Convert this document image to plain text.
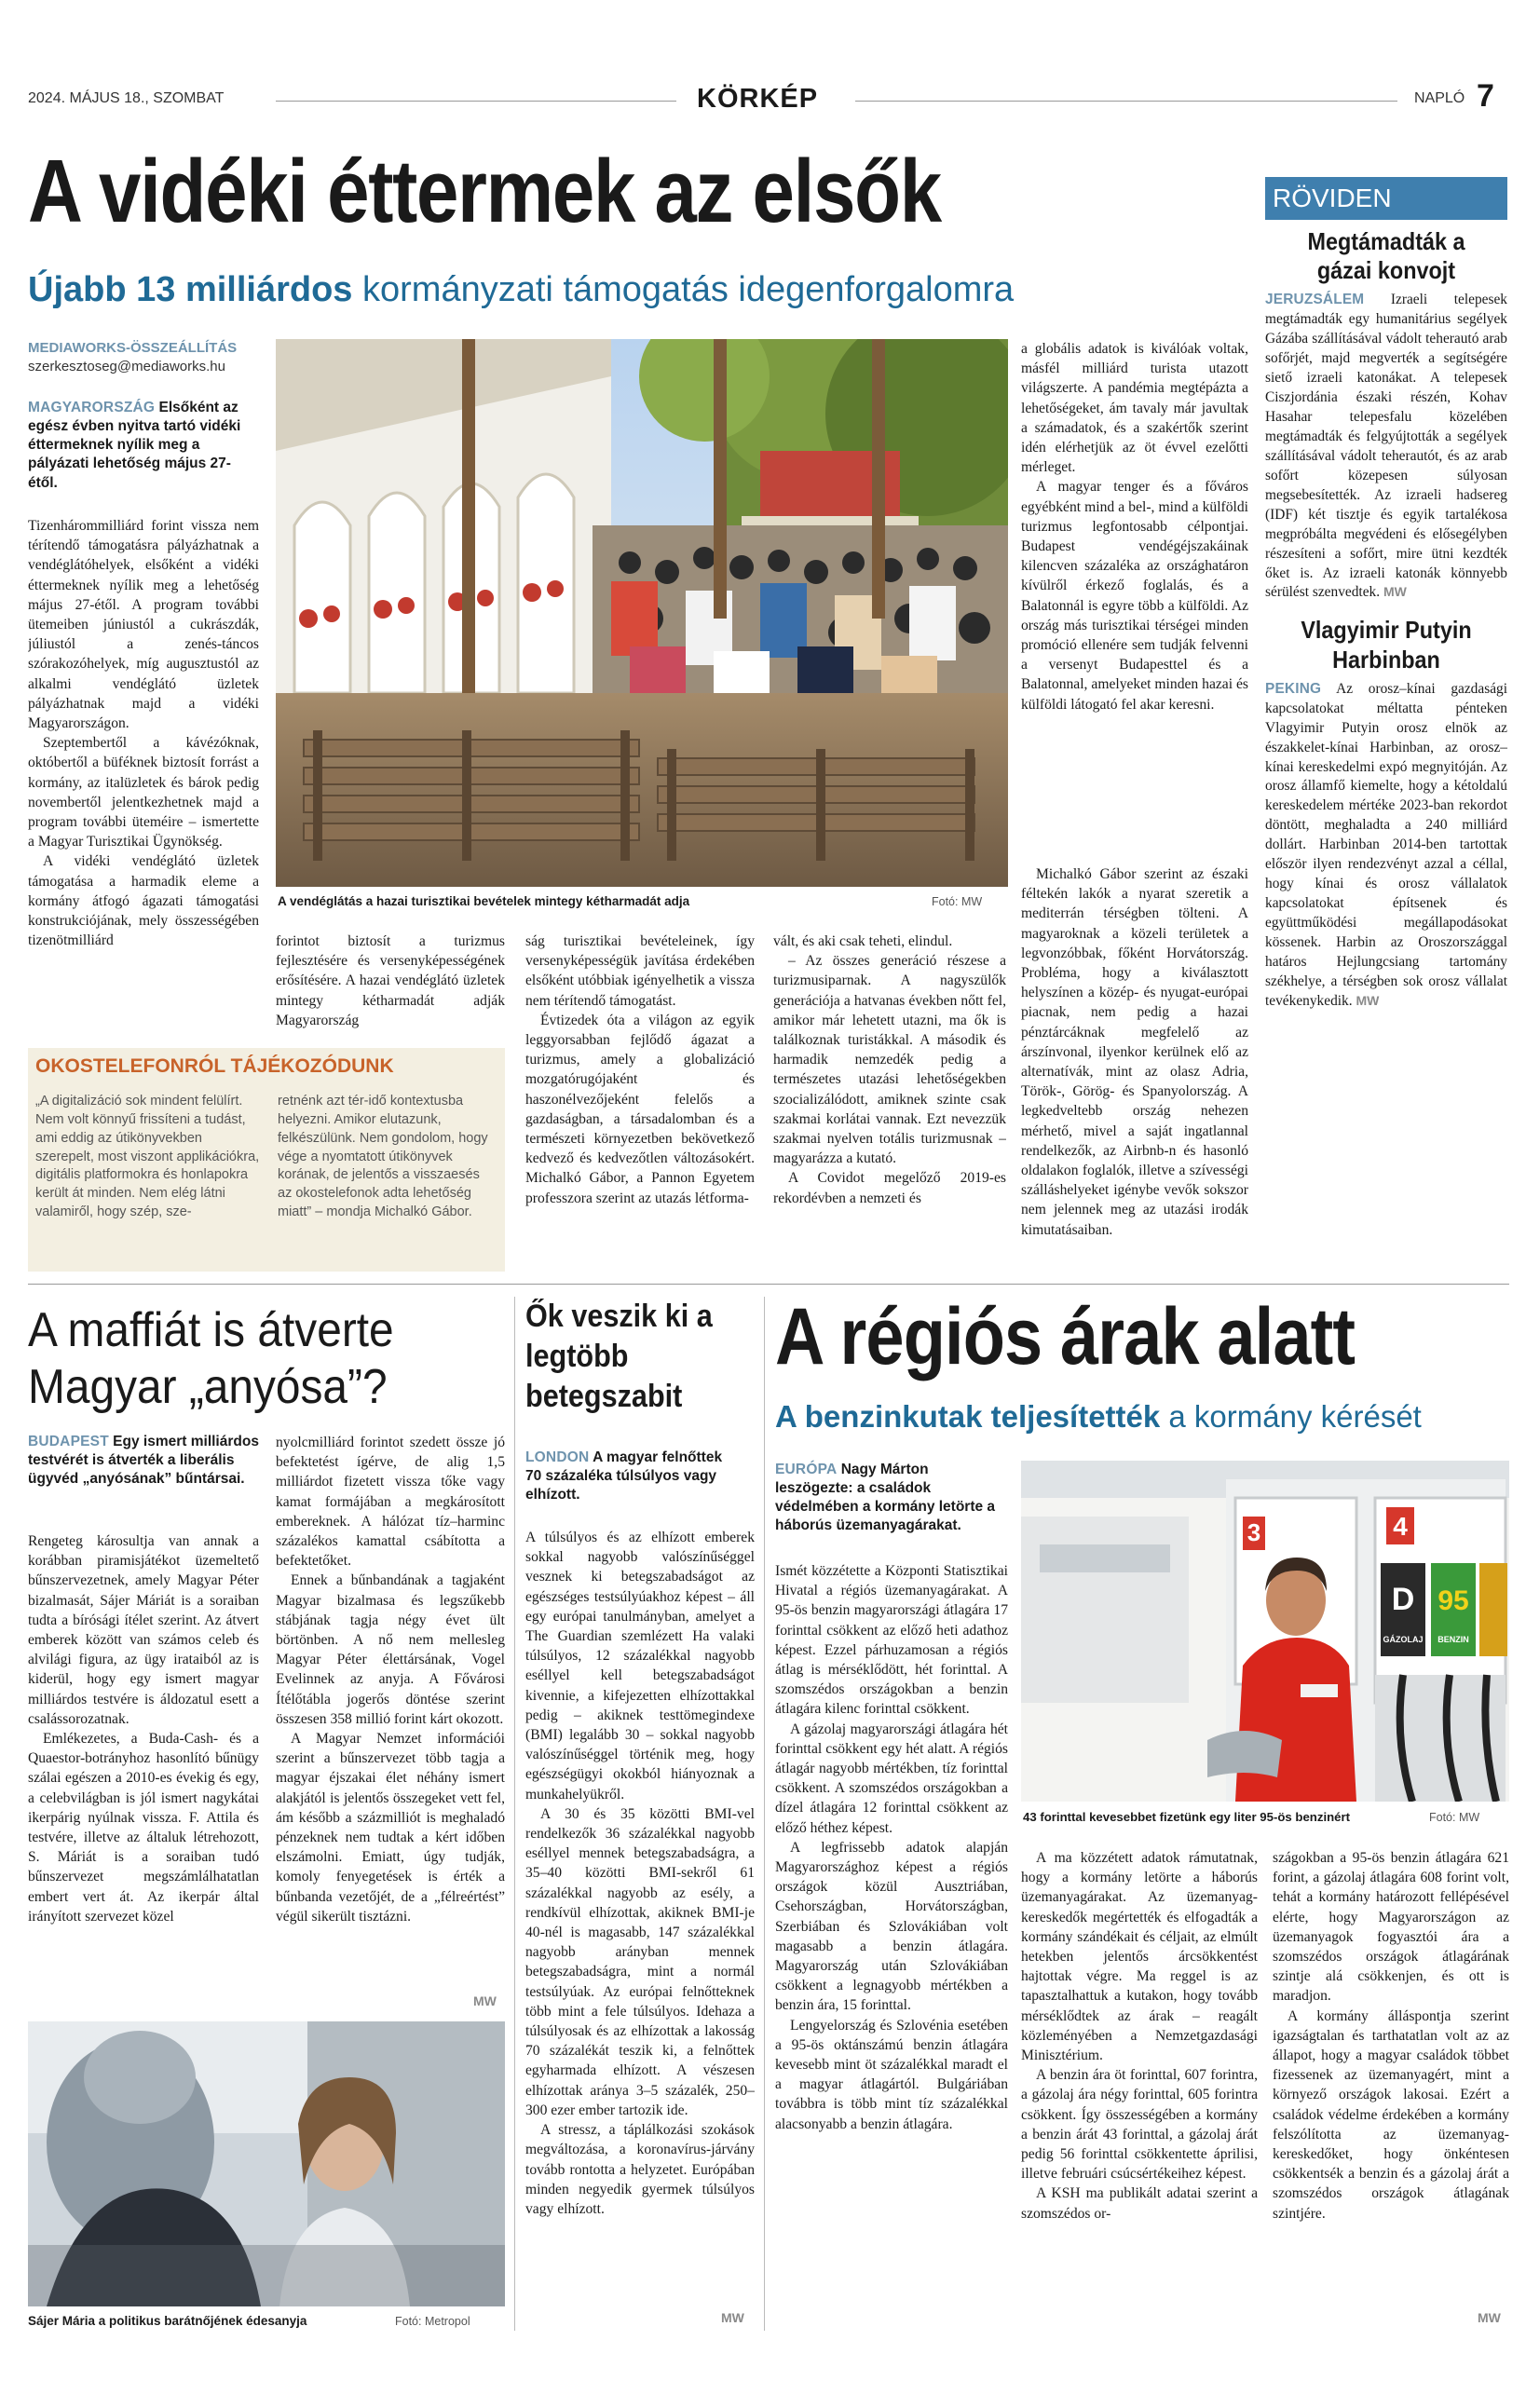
2024. MÁJUS 18., SZOMBAT	KÖRKÉP	NAPLÓ 7
A vidéki éttermek az elsők
Újabb 13 milliárdos kormányzati támogatás idegenforgalomra
MEDIAWORKS-ÖSSZEÁLLÍTÁS
szerkesztoseg@mediaworks.hu
MAGYARORSZÁG Elsőként az egész évben nyitva tartó vidéki éttermeknek nyílik meg a pályázati lehetőség május 27-étől.

Tizenhárommilliárd forint vissza nem térítendő támogatásra pályázhatnak a vendéglátóhelyek, elsőként a vidéki éttermeknek nyílik meg a lehetőség május 27-étől. A program további ütemeiben júniustól a cukrászdák, júliustól a zenés-táncos szórakozóhelyek, míg augusztustól az alkalmi vendéglátó üzletek pályázhatnak majd a vidéki Magyarországon.

Szeptembertől a kávézóknak, októbertől a büféknek biztosít forrást a kormány, az italüzletek és bárok pedig novembertől jelentkezhetnek majd a program további üteméire – ismertette a Magyar Turisztikai Ügynökség.

A vidéki vendéglátó üzletek támogatása a harmadik eleme a kormány átfogó ágazati támogatási konstrukciójának, mely összességében tizenötmilliárd

A vendéglátás a hazai turisztikai bevételek mintegy kétharmadát adja	Fotó: MW

forintot biztosít a turizmus fejlesztésére és versenyképességének erősítésére. A hazai vendéglátó üzletek mintegy kétharmadát adják Magyarország

ság turisztikai bevételeinek, így versenyképességük javítása érdekében elsőként utóbbiak igényelhetik a vissza nem térítendő támogatást.

Évtizedek óta a világon az egyik leggyorsabban fejlődő ágazat a turizmus, amely a globalizáció mozgatórugójaként és haszonélvezőjeként felelős a gazdaságban, a társadalomban és a természeti környezetben bekövetkező kedvező és kedvezőtlen változásokért. Michalkó Gábor, a Pannon Egyetem professzora szerint az utazás létforma-

vált, és aki csak teheti, elindul.

– Az összes generáció részese a turizmusiparnak. A nagyszülők generációja a hatvanas években nőtt fel, amikor már lehetett utazni, ma ők is találkoznak turistákkal. A második és harmadik nemzedék pedig a természetes utazási lehetőségekben szocializálódott, amiknek szinte csak szakmai korlátai vannak. Ezt nevezzük szakmai nyelven totális turizmusnak – magyarázza a kutató.

A Covidot megelőző 2019-es rekordévben a nemzeti és

a globális adatok is kiválóak voltak, másfél milliárd turista utazott világszerte. A pandémia megtépázta a lehetőségeket, ám tavaly már javultak a számadatok, és a szakértők szerint idén elérhetjük az öt évvel ezelőtti mérleget.

A magyar tenger és a főváros egyébként mind a bel-, mind a külföldi turizmus legfontosabb célpontjai. Budapest vendégéjszakáinak kilencven százaléka az országhatáron kívülről érkező foglalás, és a Balatonnál is egyre több a külföldi. Az ország más turisztikai térségei minden promóció ellenére sem tudják felvenni a versenyt Budapesttel és a Balatonnal, amelyeket minden hazai és külföldi látogató fel akar keresni.

Michalkó Gábor szerint az északi féltekén lakók a nyarat szeretik a mediterrán térségben tölteni. A magyaroknak a közeli területek a legvonzóbbak, főként Horvátország. Probléma, hogy a kiválasztott helyszínen a közép- és nyugat-európai piacnak, nem pedig a hazai pénztárcáknak megfelelő az árszínvonal, ilyenkor kerülnek elő az alternatívák, mint az olasz Adria, Török-, Görög- és Spanyolország. A legkedveltebb ország nehezen mérhető, mivel a saját ingatlannal rendelkezők, az Airbnb-n és hasonló oldalakon foglalók, illetve a szívességi szálláshelyeket igénybe vevők sokszor nem jelennek meg az utazási irodák kimutatásaiban.

OKOSTELEFONRÓL TÁJÉKOZÓDUNK
„A digitalizáció sok mindent felülírt. Nem volt könnyű frissíteni a tudást, ami eddig az útikönyvekben szerepelt, most viszont applikációkra, digitális platformokra és honlapokra került át minden. Nem elég látni valamiről, hogy szép, sze-
retnénk azt tér-idő kontextusba helyezni. Amikor elutazunk, felkészülünk. Nem gondolom, hogy vége a nyomtatott útikönyvek korának, de jelentős a visszaesés az okostelefonok adta lehetőség miatt” – mondja Michalkó Gábor.
RÖVIDEN
Megtámadták a gázai konvojt
JERUZSÁLEM Izraeli telepesek megtámadták egy humanitárius segélyek Gázába szállításával vádolt teherautó arab sofőrjét, majd megverték a segítségére siető izraeli katonákat. A telepesek Ciszjordánia északi részén, Kohav Hasahar telepesfalu közelében megtámadták és felgyújtották a segélyek szállításával vádolt teherautót, és az arab sofőrt közepesen súlyosan megsebesítették. Az izraeli hadsereg (IDF) két tisztje és egyik tartalékosa megpróbálta megvédeni és elősegélyben részesíteni a sofőrt, mire ütni kezdték őket is. Az izraeli katonák könnyebb sérülést szenvedtek. MW
Vlagyimir Putyin Harbinban
PEKING Az orosz–kínai gazdasági kapcsolatokat méltatta pénteken Vlagyimir Putyin orosz elnök az északkelet-kínai Harbinban, az orosz–kínai kereskedelmi expó megnyitóján. Az orosz államfő kiemelte, hogy a kétoldalú kereskedelem mértéke 2023-ban rekordot döntött, meghaladta a 240 milliárd dollárt. Harbinban 2014-ben tartottak először ilyen rendezvényt azzal a céllal, hogy kínai és orosz vállalatok kapcsolatokat építsenek és együttműködési megállapodásokat kössenek. Harbin az Oroszországgal határos Hejlungcsiang tartomány székhelye, a térségben sok orosz vállalat tevékenykedik. MW
A maffiát is átverte Magyar „anyósa”?
BUDAPEST Egy ismert milliárdos testvérét is átverték a liberális ügyvéd „anyósának” bűntársai.

Rengeteg károsultja van annak a korábban piramisjátékot üzemeltető bűnszervezetnek, amely Magyar Péter bizalmasát, Sájer Máriát is a soraiban tudta a bírósági ítélet szerint. Az átvert emberek között van számos celeb és alvilági figura, az ügy irataiból az is kiderül, hogy egy ismert magyar milliárdos testvére is áldozatul esett a csalássorozatnak.

Emlékezetes, a Buda-Cash- és a Quaestor-botrányhoz hasonlító bűnügy szálai egészen a 2010-es évekig és egy, a celebvilágban is jól ismert nagykátai ikerpárig nyúlnak vissza. F. Attila és testvére, illetve az általuk létrehozott, S. Máriát is a soraiban tudó bűnszervezet megszámlálhatatlan embert vert át. Az ikerpár által irányított szervezet közel

nyolcmilliárd forintot szedett össze jó befektetést ígérve, de alig 1,5 milliárdot fizetett vissza tőke vagy kamat formájában a megkárosított embereknek. A hálózat tíz–harminc százalékos kamattal csábította a befektetőket.

Ennek a bűnbandának a tagjaként Magyar bizalmasa és legszűkebb stábjának tagja négy évet ült börtönben. A nő nem mellesleg Magyar Péter élettársának, Vogel Evelinnek az anyja. A Fővárosi Ítélőtábla jogerős döntése szerint összesen 358 millió forint kárt okozott.

A Magyar Nemzet információi szerint a bűnszervezet több tagja a magyar éjszakai élet néhány ismert alakjától is jelentős összegeket vett fel, ám később a százmilliót is meghaladó pénzeknek nem tudtak a kért időben elszámolni. Emiatt, úgy tudják, komoly fenyegetések is érték a bűnbanda vezetőjét, de a „félreértést” végül sikerült tisztázni.

MW
Sájer Mária a politikus barátnőjének édesanyja	Fotó: Metropol
Ők veszik ki a legtöbb betegszabit
LONDON A magyar felnőttek 70 százaléka túlsúlyos vagy elhízott.

A túlsúlyos és az elhízott emberek sokkal nagyobb valószínűséggel vesznek ki betegszabadságot az egészséges testsúlyúakhoz képest – áll egy európai tanulmányban, amelyet a The Guardian szemlézett Ha valaki túlsúlyos, 12 százalékkal nagyobb eséllyel kell betegszabadságot kivennie, a kifejezetten elhízottakkal pedig – akiknek testtömegindexe (BMI) legalább 30 – sokkal nagyobb valószínűséggel történik meg, hogy egészségügyi okokból hiányoznak a munkahelyükről.

A 30 és 35 közötti BMI-vel rendelkezők 36 százalékkal nagyobb eséllyel mennek betegszabadságra, a 35–40 közötti BMI-sekről 61 százalékkal nagyobb az esély, a rendkívül elhízottak, akiknek BMI-je 40-nél is magasabb, 147 százalékkal nagyobb arányban mennek betegszabadságra, mint a normál testsúlyúak. Az európai felnőtteknek több mint a fele túlsúlyos. Idehaza a túlsúlyosak és az elhízottak a lakosság 70 százalékát teszik ki, a felnőttek egyharmada elhízott. A vészesen elhízottak aránya 3–5 százalék, 250–300 ezer ember tartozik ide.

A stressz, a táplálkozási szokások megváltozása, a koronavírus-járvány tovább rontotta a helyzetet. Európában minden negyedik gyermek túlsúlyos vagy elhízott.

MW
A régiós árak alatt
A benzinkutak teljesítették a kormány kérését
EURÓPA Nagy Márton leszögezte: a családok védelmében a kormány letörte a háborús üzemanyagárakat.

Ismét közzétette a Központi Statisztikai Hivatal a régiós üzemanyagárakat. A 95-ös benzin magyarországi átlagára 17 forinttal csökkent az előző heti adathoz képest. Ezzel párhuzamosan a régiós átlag is mérséklődött, hét forinttal. A szomszédos országokban a benzin átlagára kilenc forinttal csökkent.

A gázolaj magyarországi átlagára hét forinttal csökkent egy hét alatt. A régiós átlagár nagyobb mértékben, tíz forinttal csökkent. A szomszédos országokban a dízel átlagára 12 forinttal csökkent az előző héthez képest.

A legfrissebb adatok alapján Magyarországhoz képest a régiós országok közül Ausztriában, Csehországban, Horvátországban, Szerbiában és Szlovákiában volt magasabb a benzin átlagára. Magyarország után Szlovákiában csökkent a legnagyobb mértékben a benzin ára, 15 forinttal.

Lengyelország és Szlovénia esetében a 95-ös oktánszámú benzin átlagára kevesebb mint öt százalékkal maradt el a magyar átlagártól. Bulgáriában továbbra is több mint tíz százalékkal alacsonyabb a benzin átlagára.

3	4
D
GÁZOLAJ
95
BENZIN
43 forinttal kevesebbet fizetünk egy liter 95-ös benzinért	Fotó: MW

A ma közzétett adatok rámutatnak, hogy a kormány letörte a háborús üzemanyagárakat. Az üzemanyag-kereskedők megértették és elfogadták a kormány szándékait és céljait, az elmúlt hetekben jelentős árcsökkentést hajtottak végre. Ma reggel is az tapasztalhattuk a kutakon, hogy tovább mérséklődtek az árak – reagált közleményében a Nemzetgazdasági Minisztérium.

A benzin ára öt forinttal, 607 forintra, a gázolaj ára négy forinttal, 605 forintra csökkent. Így összességében a kormány a benzin árát 43 forinttal, a gázolaj árát pedig 56 forinttal csökkentette áprilisi, illetve februári csúcsértékeihez képest.

A KSH ma publikált adatai szerint a szomszédos or-

szágokban a 95-ös benzin átlagára 621 forint, a gázolaj átlagára 608 forint volt, tehát a kormány határozott fellépésével elérte, hogy Magyarországon az üzemanyagok fogyasztói ára a szomszédos országok átlagárának szintje alá csökkenjen, és ott is maradjon.

A kormány álláspontja szerint igazságtalan és tarthatatlan volt az az állapot, hogy a magyar családok többet fizessenek az üzemanyagért, mint a környező országok lakosai. Ezért a családok védelme érdekében a kormány felszólította az üzemanyag-kereskedőket, hogy önkéntesen csökkentsék a benzin és a gázolaj árát a szomszédos országok átlagának szintjére.

MW
